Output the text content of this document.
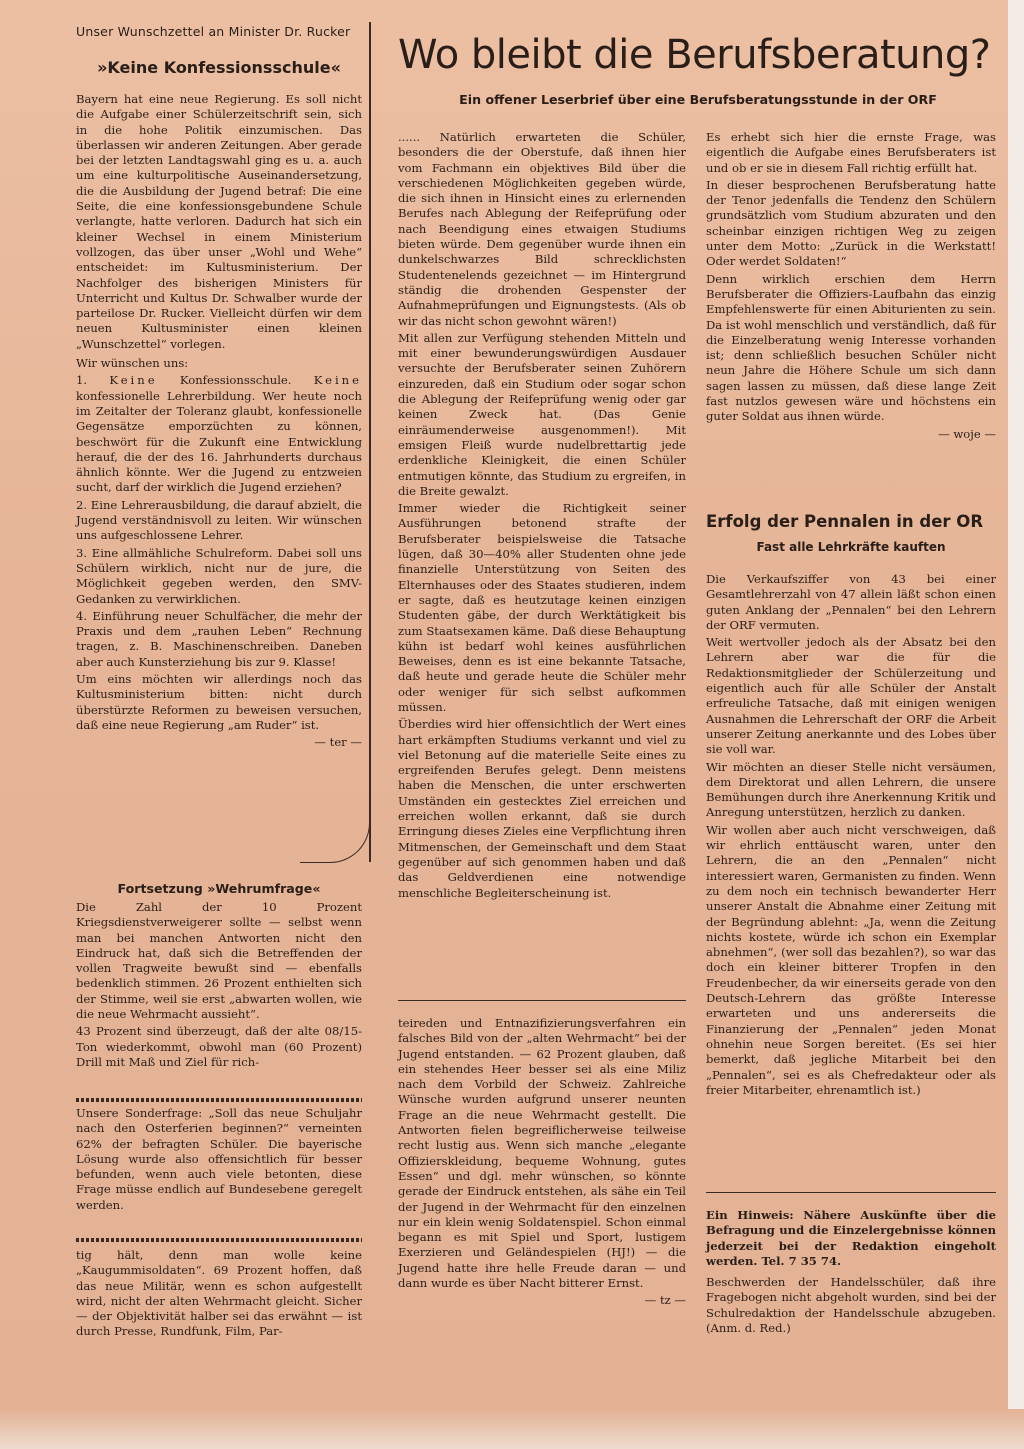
Unser Wunschzettel an Minister Dr. Rucker
»Keine Konfessionsschule«

Bayern hat eine neue Regierung. Es soll nicht die Aufgabe einer Schülerzeitschrift sein, sich in die hohe Politik einzumischen. Das überlassen wir anderen Zeitungen. Aber gerade bei der letzten Landtagswahl ging es u. a. auch um eine kulturpolitische Auseinandersetzung, die die Ausbildung der Jugend betraf: Die eine Seite, die eine konfessionsgebundene Schule verlangte, hatte verloren. Dadurch hat sich ein kleiner Wechsel in einem Ministerium vollzogen, das über unser „Wohl und Wehe“ entscheidet: im Kultusministerium. Der Nachfolger des bisherigen Ministers für Unterricht und Kultus Dr. Schwalber wurde der parteilose Dr. Rucker. Vielleicht dürfen wir dem neuen Kultusminister einen kleinen „Wunschzettel“ vorlegen.

Wir wünschen uns:

1. Keine Konfessionsschule. Keine konfessionelle Lehrerbildung. Wer heute noch im Zeitalter der Toleranz glaubt, konfessionelle Gegensätze emporzüchten zu können, beschwört für die Zukunft eine Entwicklung herauf, die der des 16. Jahrhunderts durchaus ähnlich könnte. Wer die Jugend zu entzweien sucht, darf der wirklich die Jugend erziehen?

2. Eine Lehrerausbildung, die darauf abzielt, die Jugend verständnisvoll zu leiten. Wir wünschen uns aufgeschlossene Lehrer.

3. Eine allmähliche Schulreform. Dabei soll uns Schülern wirklich, nicht nur de jure, die Möglichkeit gegeben werden, den SMV-Gedanken zu verwirklichen.

4. Einführung neuer Schulfächer, die mehr der Praxis und dem „rauhen Leben“ Rechnung tragen, z. B. Maschinenschreiben. Daneben aber auch Kunsterziehung bis zur 9. Klasse!

Um eins möchten wir allerdings noch das Kultusministerium bitten: nicht durch überstürzte Reformen zu beweisen versuchen, daß eine neue Regierung „am Ruder“ ist.

— ter —

Fortsetzung »Wehrumfrage«

Die Zahl der 10 Prozent Kriegsdienstverweigerer sollte — selbst wenn man bei manchen Antworten nicht den Eindruck hat, daß sich die Betreffenden der vollen Tragweite bewußt sind — ebenfalls bedenklich stimmen. 26 Prozent enthielten sich der Stimme, weil sie erst „abwarten wollen, wie die neue Wehrmacht aussieht“.

43 Prozent sind überzeugt, daß der alte 08/15-Ton wiederkommt, obwohl man (60 Prozent) Drill mit Maß und Ziel für rich-

Unsere Sonderfrage: „Soll das neue Schuljahr nach den Osterferien beginnen?“ verneinten 62% der befragten Schüler. Die bayerische Lösung wurde also offensichtlich für besser befunden, wenn auch viele betonten, diese Frage müsse endlich auf Bundesebene geregelt werden.

tig hält, denn man wolle keine „Kaugummisoldaten“. 69 Prozent hoffen, daß das neue Militär, wenn es schon aufgestellt wird, nicht der alten Wehrmacht gleicht. Sicher — der Objektivität halber sei das erwähnt — ist durch Presse, Rundfunk, Film, Par-

Wo bleibt die Berufsberatung?
Ein offener Leserbrief über eine Berufsberatungsstunde in der ORF

...... Natürlich erwarteten die Schüler, besonders die der Oberstufe, daß ihnen hier vom Fachmann ein objektives Bild über die verschiedenen Möglichkeiten gegeben würde, die sich ihnen in Hinsicht eines zu erlernenden Berufes nach Ablegung der Reifeprüfung oder nach Beendigung eines etwaigen Studiums bieten würde. Dem gegenüber wurde ihnen ein dunkelschwarzes Bild schrecklichsten Studentenelends gezeichnet — im Hintergrund ständig die drohenden Gespenster der Aufnahmeprüfungen und Eignungstests. (Als ob wir das nicht schon gewohnt wären!)

Mit allen zur Verfügung stehenden Mitteln und mit einer bewunderungswürdigen Ausdauer versuchte der Berufsberater seinen Zuhörern einzureden, daß ein Studium oder sogar schon die Ablegung der Reifeprüfung wenig oder gar keinen Zweck hat. (Das Genie einräumenderweise ausgenommen!). Mit emsigen Fleiß wurde nudelbrettartig jede erdenkliche Kleinigkeit, die einen Schüler entmutigen könnte, das Studium zu ergreifen, in die Breite gewalzt.

Immer wieder die Richtigkeit seiner Ausführungen betonend strafte der Berufsberater beispielsweise die Tatsache lügen, daß 30—40% aller Studenten ohne jede finanzielle Unterstützung von Seiten des Elternhauses oder des Staates studieren, indem er sagte, daß es heutzutage keinen einzigen Studenten gäbe, der durch Werktätigkeit bis zum Staatsexamen käme. Daß diese Behauptung kühn ist bedarf wohl keines ausführlichen Beweises, denn es ist eine bekannte Tatsache, daß heute und gerade heute die Schüler mehr oder weniger für sich selbst aufkommen müssen.

Überdies wird hier offensichtlich der Wert eines hart erkämpften Studiums verkannt und viel zu viel Betonung auf die materielle Seite eines zu ergreifenden Berufes gelegt. Denn meistens haben die Menschen, die unter erschwerten Umständen ein gestecktes Ziel erreichen und erreichen wollen erkannt, daß sie durch Erringung dieses Zieles eine Verpflichtung ihren Mitmenschen, der Gemeinschaft und dem Staat gegenüber auf sich genommen haben und daß das Geldverdienen eine notwendige menschliche Begleiterscheinung ist.

Es erhebt sich hier die ernste Frage, was eigentlich die Aufgabe eines Berufsberaters ist und ob er sie in diesem Fall richtig erfüllt hat.

In dieser besprochenen Berufsberatung hatte der Tenor jedenfalls die Tendenz den Schülern grundsätzlich vom Studium abzuraten und den scheinbar einzigen richtigen Weg zu zeigen unter dem Motto: „Zurück in die Werkstatt! Oder werdet Soldaten!“

Denn wirklich erschien dem Herrn Berufsberater die Offiziers-Laufbahn das einzig Empfehlenswerte für einen Abiturienten zu sein. Da ist wohl menschlich und verständlich, daß für die Einzelberatung wenig Interesse vorhanden ist; denn schließlich besuchen Schüler nicht neun Jahre die Höhere Schule um sich dann sagen lassen zu müssen, daß diese lange Zeit fast nutzlos gewesen wäre und höchstens ein guter Soldat aus ihnen würde.

— woje —

teireden und Entnazifizierungsverfahren ein falsches Bild von der „alten Wehrmacht“ bei der Jugend entstanden. — 62 Prozent glauben, daß ein stehendes Heer besser sei als eine Miliz nach dem Vorbild der Schweiz. Zahlreiche Wünsche wurden aufgrund unserer neunten Frage an die neue Wehrmacht gestellt. Die Antworten fielen begreiflicherweise teilweise recht lustig aus. Wenn sich manche „elegante Offizierskleidung, bequeme Wohnung, gutes Essen“ und dgl. mehr wünschen, so könnte gerade der Eindruck entstehen, als sähe ein Teil der Jugend in der Wehrmacht für den einzelnen nur ein klein wenig Soldatenspiel. Schon einmal begann es mit Spiel und Sport, lustigem Exerzieren und Geländespielen (HJ!) — die Jugend hatte ihre helle Freude daran — und dann wurde es über Nacht bitterer Ernst.

— tz —

Erfolg der Pennalen in der OR
Fast alle Lehrkräfte kauften

Die Verkaufsziffer von 43 bei einer Gesamtlehrerzahl von 47 allein läßt schon einen guten Anklang der „Pennalen“ bei den Lehrern der ORF vermuten.

Weit wertvoller jedoch als der Absatz bei den Lehrern aber war die für die Redaktionsmitglieder der Schülerzeitung und eigentlich auch für alle Schüler der Anstalt erfreuliche Tatsache, daß mit einigen wenigen Ausnahmen die Lehrerschaft der ORF die Arbeit unserer Zeitung anerkannte und des Lobes über sie voll war.

Wir möchten an dieser Stelle nicht versäumen, dem Direktorat und allen Lehrern, die unsere Bemühungen durch ihre Anerkennung Kritik und Anregung unterstützen, herzlich zu danken.

Wir wollen aber auch nicht verschweigen, daß wir ehrlich enttäuscht waren, unter den Lehrern, die an den „Pennalen“ nicht interessiert waren, Germanisten zu finden. Wenn zu dem noch ein technisch bewanderter Herr unserer Anstalt die Abnahme einer Zeitung mit der Begründung ablehnt: „Ja, wenn die Zeitung nichts kostete, würde ich schon ein Exemplar abnehmen“, (wer soll das bezahlen?), so war das doch ein kleiner bitterer Tropfen in den Freudenbecher, da wir einerseits gerade von den Deutsch-Lehrern das größte Interesse erwarteten und uns andererseits die Finanzierung der „Pennalen“ jeden Monat ohnehin neue Sorgen bereitet. (Es sei hier bemerkt, daß jegliche Mitarbeit bei den „Pennalen“, sei es als Chefredakteur oder als freier Mitarbeiter, ehrenamtlich ist.)

Ein Hinweis: Nähere Auskünfte über die Befragung und die Einzelergebnisse können jederzeit bei der Redaktion eingeholt werden. Tel. 7 35 74.

Beschwerden der Handelsschüler, daß ihre Fragebogen nicht abgeholt wurden, sind bei der Schulredaktion der Handelsschule abzugeben. (Anm. d. Red.)
